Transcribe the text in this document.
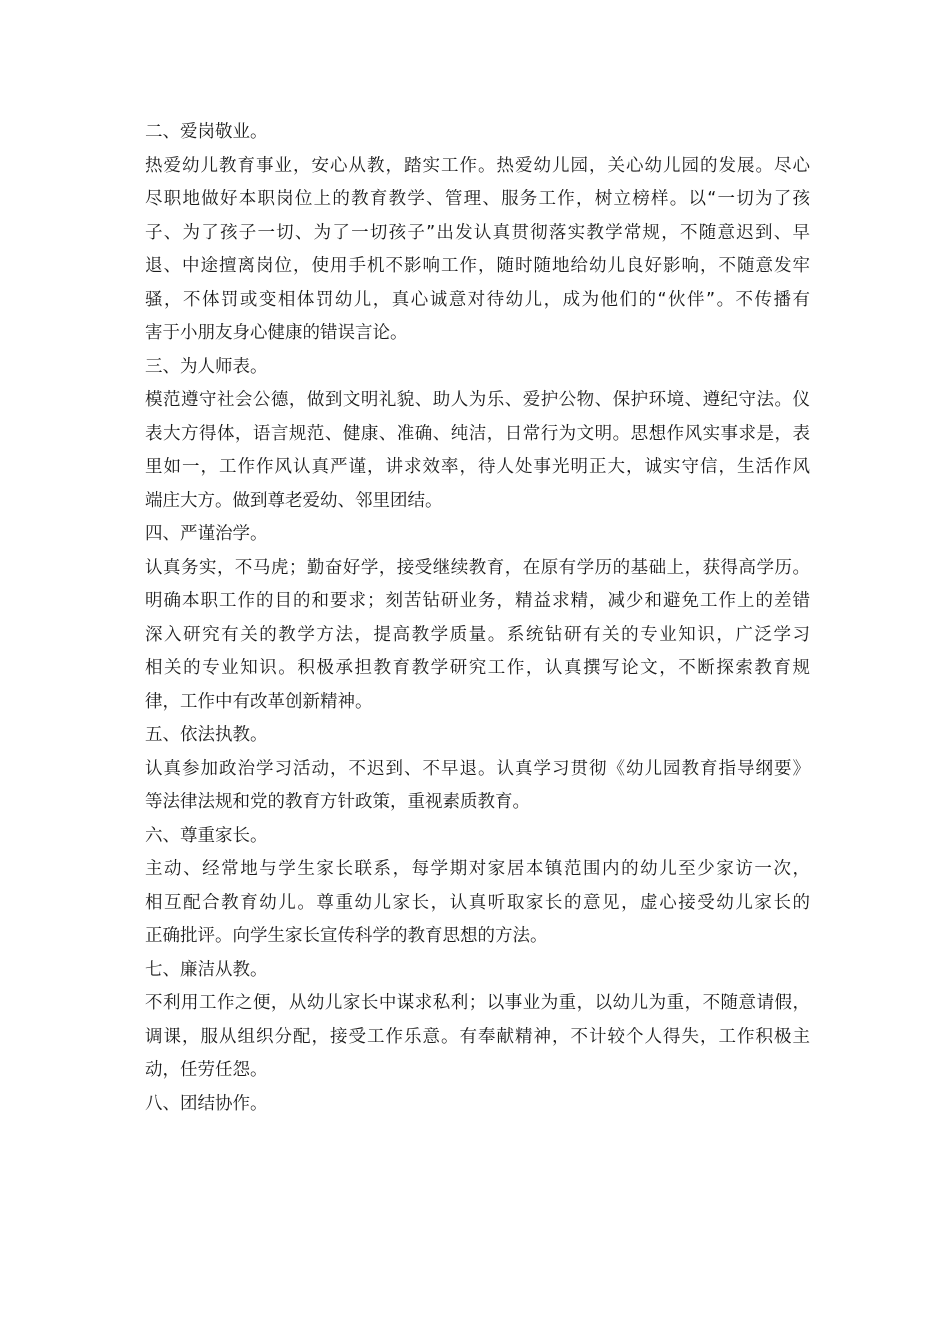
二、爱岗敬业。
热爱幼儿教育事业，安心从教，踏实工作。热爱幼儿园，关心幼儿园的发展。尽心
尽职地做好本职岗位上的教育教学、管理、服务工作，树立榜样。以“一切为了孩
子、为了孩子一切、为了一切孩子”出发认真贯彻落实教学常规，不随意迟到、早
退、中途擅离岗位，使用手机不影响工作，随时随地给幼儿良好影响，不随意发牢
骚，不体罚或变相体罚幼儿，真心诚意对待幼儿，成为他们的“伙伴”。不传播有
害于小朋友身心健康的错误言论。
三、为人师表。
模范遵守社会公德，做到文明礼貌、助人为乐、爱护公物、保护环境、遵纪守法。仪
表大方得体，语言规范、健康、准确、纯洁，日常行为文明。思想作风实事求是，表
里如一，工作作风认真严谨，讲求效率，待人处事光明正大，诚实守信，生活作风
端庄大方。做到尊老爱幼、邻里团结。
四、严谨治学。
认真务实，不马虎；勤奋好学，接受继续教育，在原有学历的基础上，获得高学历。
明确本职工作的目的和要求；刻苦钻研业务，精益求精，减少和避免工作上的差错
深入研究有关的教学方法，提高教学质量。系统钻研有关的专业知识，广泛学习
相关的专业知识。积极承担教育教学研究工作，认真撰写论文，不断探索教育规
律，工作中有改革创新精神。
五、依法执教。
认真参加政治学习活动，不迟到、不早退。认真学习贯彻《幼儿园教育指导纲要》
等法律法规和党的教育方针政策，重视素质教育。
六、尊重家长。
主动、经常地与学生家长联系，每学期对家居本镇范围内的幼儿至少家访一次，
相互配合教育幼儿。尊重幼儿家长，认真听取家长的意见，虚心接受幼儿家长的
正确批评。向学生家长宣传科学的教育思想的方法。
七、廉洁从教。
不利用工作之便，从幼儿家长中谋求私利；以事业为重，以幼儿为重，不随意请假，
调课，服从组织分配，接受工作乐意。有奉献精神，不计较个人得失，工作积极主
动，任劳任怨。
八、团结协作。
